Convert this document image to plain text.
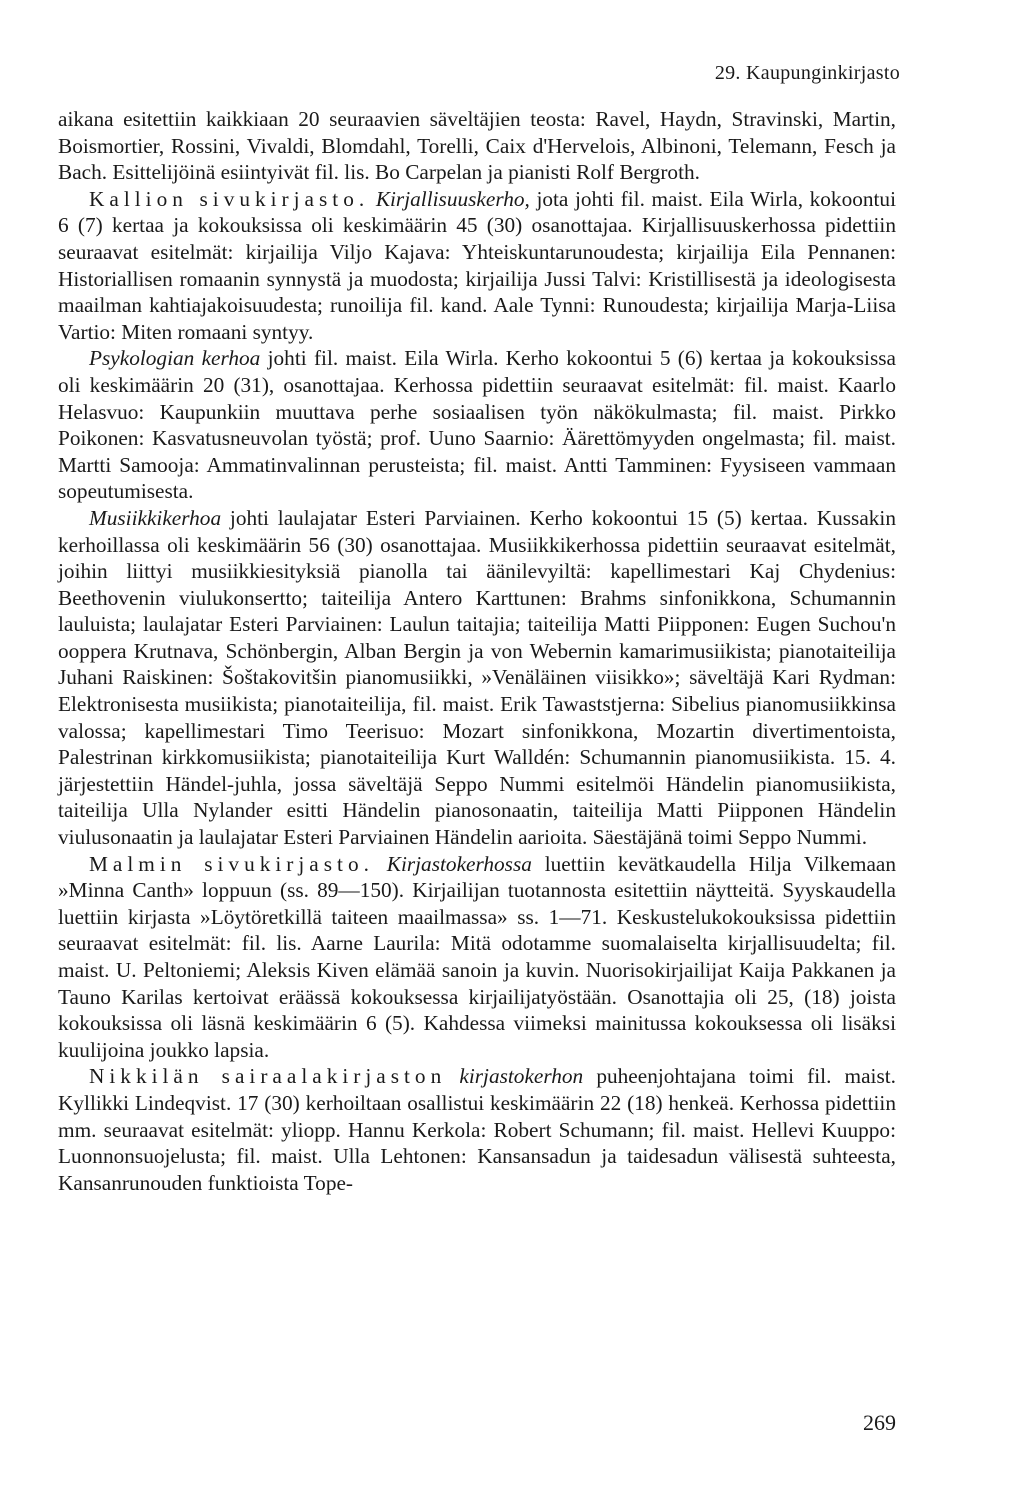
29. Kaupunginkirjasto

aikana esitettiin kaikkiaan 20 seuraavien säveltäjien teosta: Ravel, Haydn, Stravinski, Martin, Boismortier, Rossini, Vivaldi, Blomdahl, Torelli, Caix d'Hervelois, Albinoni, Telemann, Fesch ja Bach. Esittelijöinä esiintyivät fil. lis. Bo Carpelan ja pianisti Rolf Bergroth.

Kallion sivukirjasto. Kirjallisuuskerho, jota johti fil. maist. Eila Wirla, kokoontui 6 (7) kertaa ja kokouksissa oli keskimäärin 45 (30) osanottajaa. Kirjallisuuskerhossa pidettiin seuraavat esitelmät: kirjailija Viljo Kajava: Yhteiskuntarunoudesta; kirjailija Eila Pennanen: Historiallisen romaanin synnystä ja muodosta; kirjailija Jussi Talvi: Kristillisestä ja ideologisesta maailman kahtiajakoisuudesta; runoilija fil. kand. Aale Tynni: Runoudesta; kirjailija Marja-Liisa Vartio: Miten romaani syntyy.

Psykologian kerhoa johti fil. maist. Eila Wirla. Kerho kokoontui 5 (6) kertaa ja kokouksissa oli keskimäärin 20 (31), osanottajaa. Kerhossa pidettiin seuraavat esitelmät: fil. maist. Kaarlo Helasvuo: Kaupunkiin muuttava perhe sosiaalisen työn näkökulmasta; fil. maist. Pirkko Poikonen: Kasvatusneuvolan työstä; prof. Uuno Saarnio: Äärettömyyden ongelmasta; fil. maist. Martti Samooja: Ammatinvalinnan perusteista; fil. maist. Antti Tamminen: Fyysiseen vammaan sopeutumisesta.

Musiikkikerhoa johti laulajatar Esteri Parviainen. Kerho kokoontui 15 (5) kertaa. Kussakin kerhoillassa oli keskimäärin 56 (30) osanottajaa. Musiikkikerhossa pidettiin seuraavat esitelmät, joihin liittyi musiikkiesityksiä pianolla tai äänilevyiltä: kapellimestari Kaj Chydenius: Beethovenin viulukonsertto; taiteilija Antero Karttunen: Brahms sinfonikkona, Schumannin lauluista; laulajatar Esteri Parviainen: Laulun taitajia; taiteilija Matti Piipponen: Eugen Suchou'n ooppera Krutnava, Schönbergin, Alban Bergin ja von Webernin kamarimusiikista; pianotaiteilija Juhani Raiskinen: Šoštakovitšin pianomusiikki, »Venäläinen viisikko»; säveltäjä Kari Rydman: Elektronisesta musiikista; pianotaiteilija, fil. maist. Erik Tawaststjerna: Sibelius pianomusiikkinsa valossa; kapellimestari Timo Teerisuo: Mozart sinfonikkona, Mozartin divertimentoista, Palestrinan kirkkomusiikista; pianotaiteilija Kurt Walldén: Schumannin pianomusiikista. 15. 4. järjestettiin Händel-juhla, jossa säveltäjä Seppo Nummi esitelmöi Händelin pianomusiikista, taiteilija Ulla Nylander esitti Händelin pianosonaatin, taiteilija Matti Piipponen Händelin viulusonaatin ja laulajatar Esteri Parviainen Händelin aarioita. Säestäjänä toimi Seppo Nummi.

Malmin sivukirjasto. Kirjastokerhossa luettiin kevätkaudella Hilja Vilkemaan »Minna Canth» loppuun (ss. 89—150). Kirjailijan tuotannosta esitettiin näytteitä. Syyskaudella luettiin kirjasta »Löytöretkillä taiteen maailmassa» ss. 1—71. Keskustelukokouksissa pidettiin seuraavat esitelmät: fil. lis. Aarne Laurila: Mitä odotamme suomalaiselta kirjallisuudelta; fil. maist. U. Peltoniemi; Aleksis Kiven elämää sanoin ja kuvin. Nuorisokirjailijat Kaija Pakkanen ja Tauno Karilas kertoivat eräässä kokouksessa kirjailijatyöstään. Osanottajia oli 25, (18) joista kokouksissa oli läsnä keskimäärin 6 (5). Kahdessa viimeksi mainitussa kokouksessa oli lisäksi kuulijoina joukko lapsia.

Nikkilän sairaalakirjaston kirjastokerhon puheenjohtajana toimi fil. maist. Kyllikki Lindeqvist. 17 (30) kerhoiltaan osallistui keskimäärin 22 (18) henkeä. Kerhossa pidettiin mm. seuraavat esitelmät: yliopp. Hannu Kerkola: Robert Schumann; fil. maist. Hellevi Kuuppo: Luonnonsuojelusta; fil. maist. Ulla Lehtonen: Kansansadun ja taidesadun välisestä suhteesta, Kansanrunouden funktioista Tope-

269
